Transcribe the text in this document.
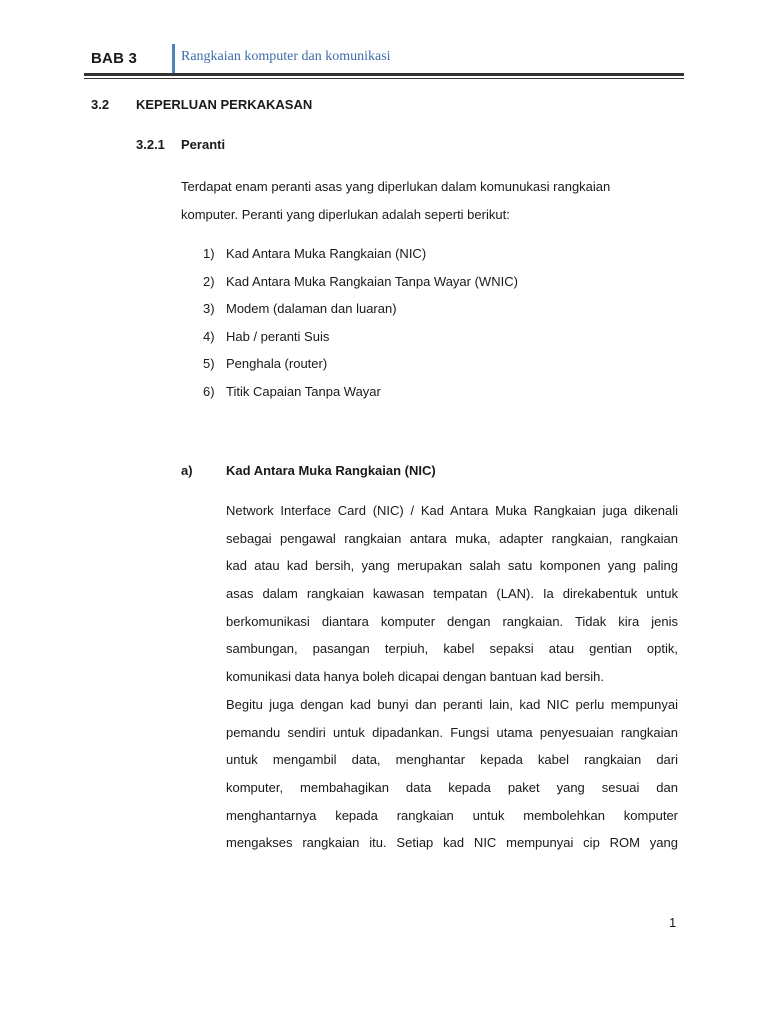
BAB 3	Rangkaian komputer dan komunikasi
3.2 KEPERLUAN PERKAKASAN
3.2.1 Peranti
Terdapat enam peranti asas yang diperlukan dalam komunukasi rangkaian
komputer. Peranti yang diperlukan adalah seperti berikut:
1) Kad Antara Muka Rangkaian (NIC)
2) Kad Antara Muka Rangkaian Tanpa Wayar (WNIC)
3) Modem (dalaman dan luaran)
4) Hab / peranti Suis
5) Penghala (router)
6) Titik Capaian Tanpa Wayar
a)	Kad Antara Muka Rangkaian (NIC)
Network Interface Card (NIC) / Kad Antara Muka Rangkaian juga dikenali
sebagai pengawal rangkaian antara muka, adapter rangkaian, rangkaian
kad atau kad bersih, yang merupakan salah satu komponen yang paling
asas dalam rangkaian kawasan tempatan (LAN). Ia direkabentuk untuk
berkomunikasi diantara komputer dengan rangkaian. Tidak kira jenis
sambungan, pasangan terpiuh, kabel sepaksi atau gentian optik,
komunikasi data hanya boleh dicapai dengan bantuan kad bersih.
Begitu juga dengan kad bunyi dan peranti lain, kad NIC perlu mempunyai
pemandu sendiri untuk dipadankan. Fungsi utama penyesuaian rangkaian
untuk mengambil data, menghantar kepada kabel rangkaian dari
komputer, membahagikan data kepada paket yang sesuai dan
menghantarnya kepada rangkaian untuk membolehkan komputer
mengakses rangkaian itu. Setiap kad NIC mempunyai cip ROM yang
1
